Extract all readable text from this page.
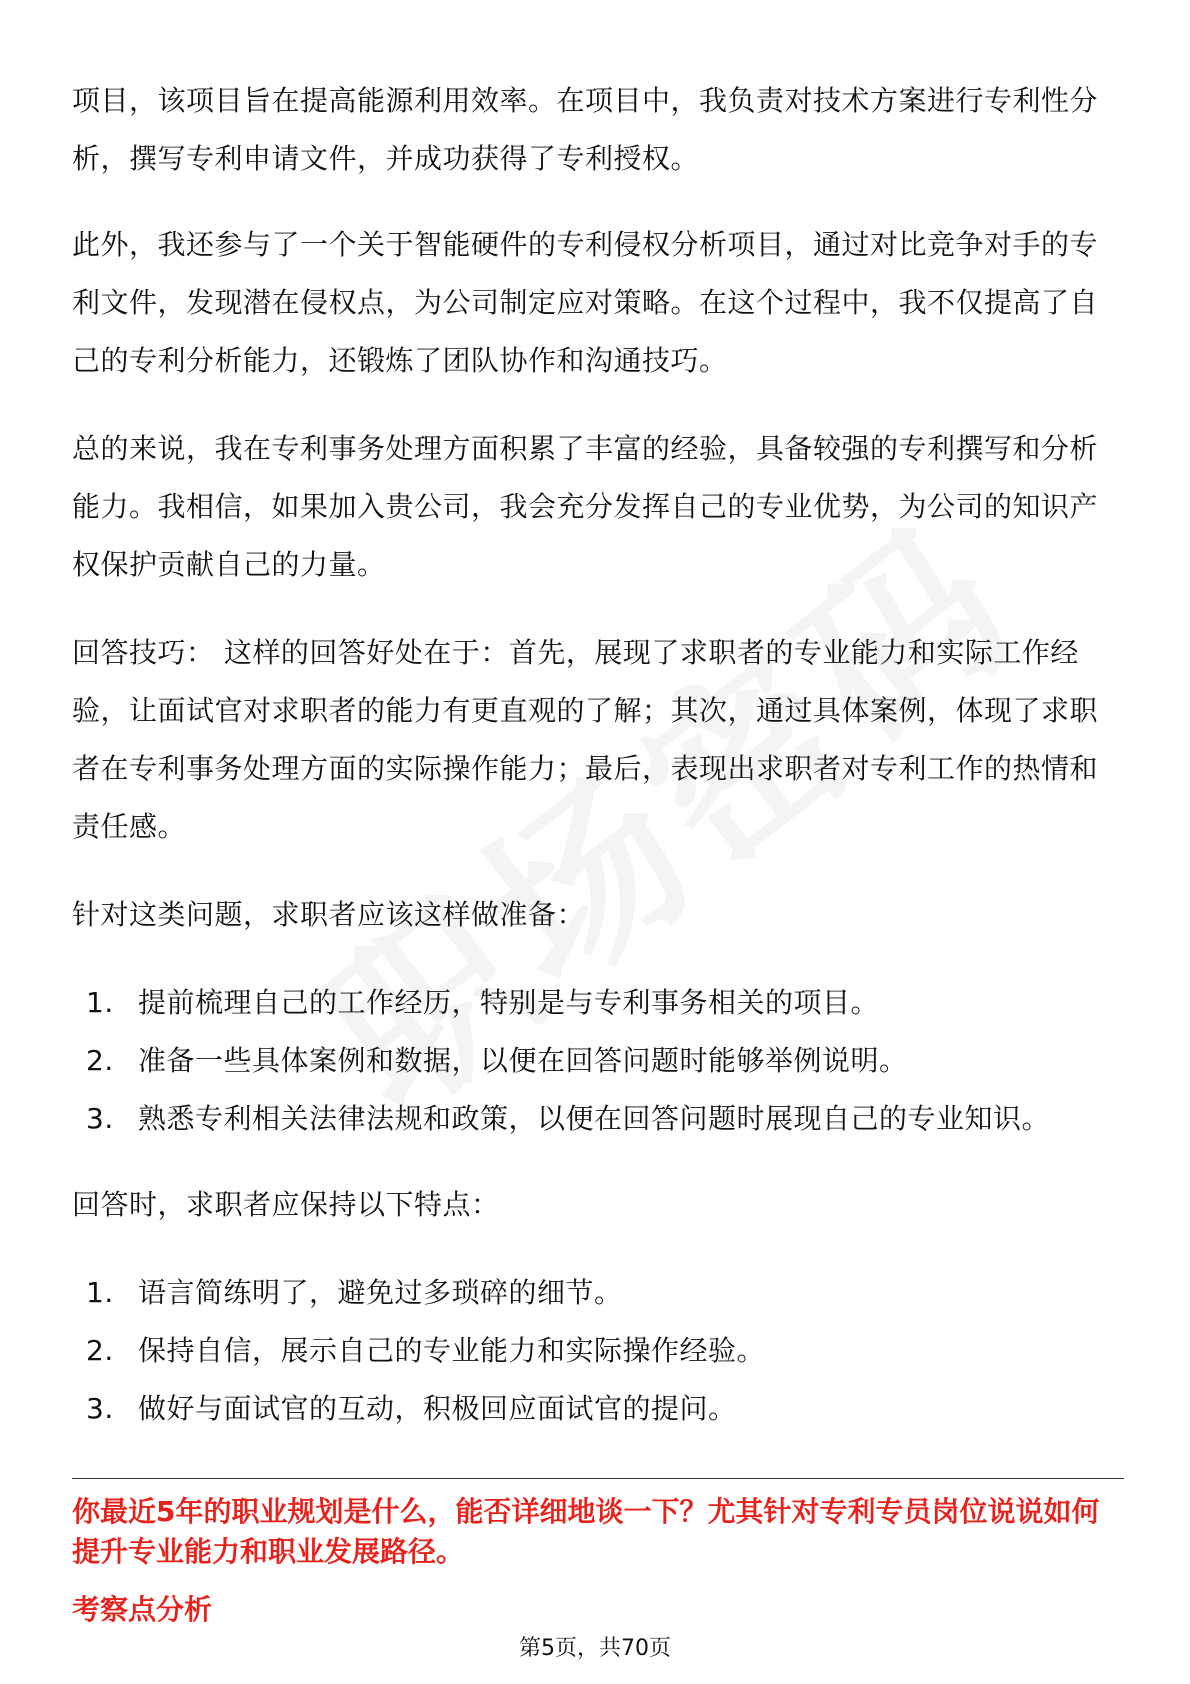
项目，该项目旨在提高能源利用效率。在项目中，我负责对技术方案进行专利性分析，撰写专利申请文件，并成功获得了专利授权。

此外，我还参与了一个关于智能硬件的专利侵权分析项目，通过对比竞争对手的专利文件，发现潜在侵权点，为公司制定应对策略。在这个过程中，我不仅提高了自己的专利分析能力，还锻炼了团队协作和沟通技巧。

总的来说，我在专利事务处理方面积累了丰富的经验，具备较强的专利撰写和分析能力。我相信，如果加入贵公司，我会充分发挥自己的专业优势，为公司的知识产权保护贡献自己的力量。

回答技巧： 这样的回答好处在于：首先，展现了求职者的专业能力和实际工作经验，让面试官对求职者的能力有更直观的了解；其次，通过具体案例，体现了求职者在专利事务处理方面的实际操作能力；最后，表现出求职者对专利工作的热情和责任感。

针对这类问题，求职者应该这样做准备：

1. 提前梳理自己的工作经历，特别是与专利事务相关的项目。
2. 准备一些具体案例和数据，以便在回答问题时能够举例说明。
3. 熟悉专利相关法律法规和政策，以便在回答问题时展现自己的专业知识。

回答时，求职者应保持以下特点：

1. 语言简练明了，避免过多琐碎的细节。
2. 保持自信，展示自己的专业能力和实际操作经验。
3. 做好与面试官的互动，积极回应面试官的提问。

你最近5年的职业规划是什么，能否详细地谈一下？尤其针对专利专员岗位说说如何提升专业能力和职业发展路径。

考察点分析

第5页，共70页
